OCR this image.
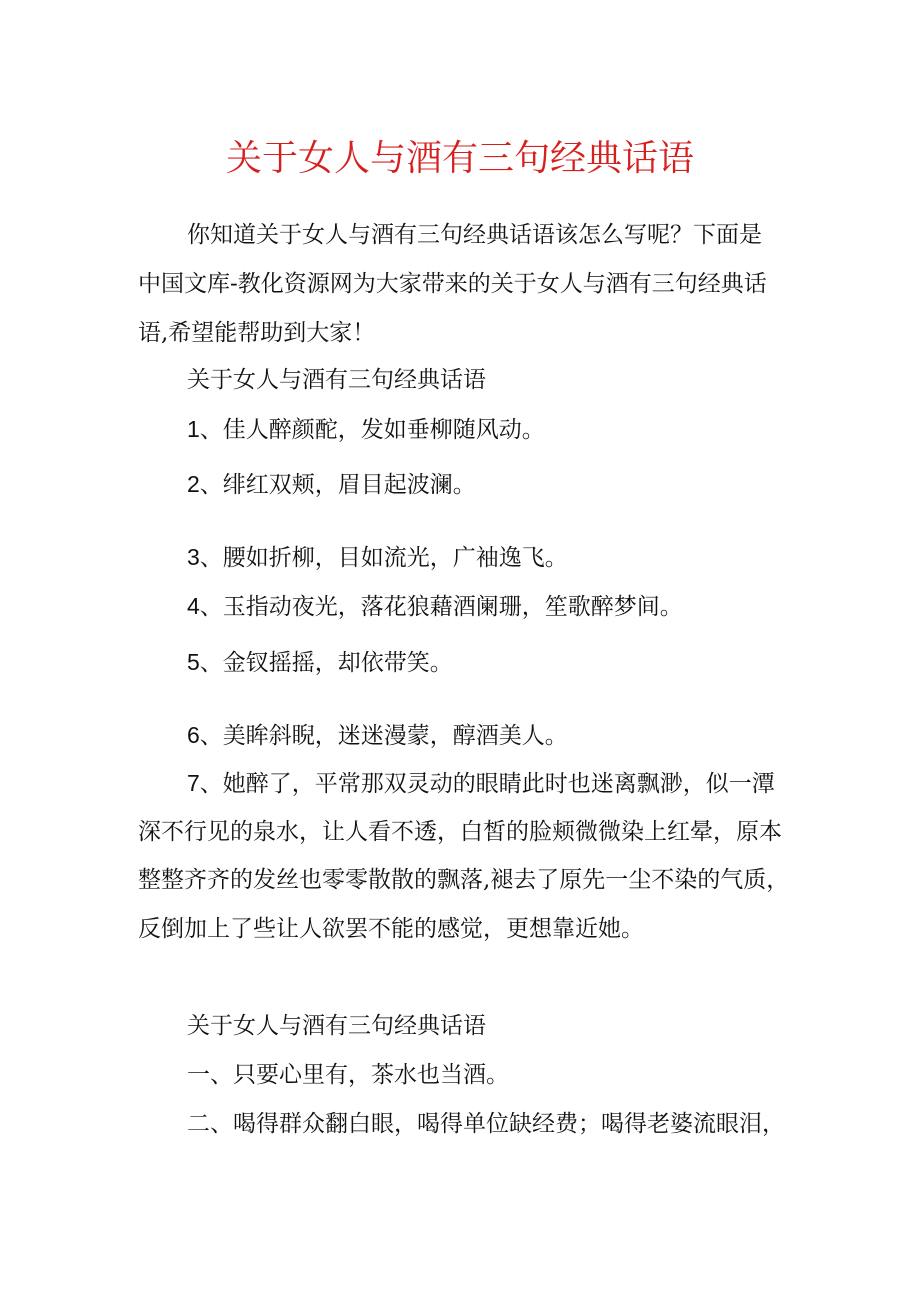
关于女人与酒有三句经典话语
你知道关于女人与酒有三句经典话语该怎么写呢？下面是
中国文库-教化资源网为大家带来的关于女人与酒有三句经典话
语,希望能帮助到大家！
关于女人与酒有三句经典话语
1、佳人醉颜酡，发如垂柳随风动。
2、绯红双颊，眉目起波澜。
3、腰如折柳，目如流光，广袖逸飞。
4、玉指动夜光，落花狼藉酒阑珊，笙歌醉梦间。
5、金钗摇摇，却依带笑。
6、美眸斜睨，迷迷漫蒙，醇酒美人。
7、她醉了，平常那双灵动的眼睛此时也迷离飘渺，似一潭
深不行见的泉水，让人看不透，白皙的脸颊微微染上红晕，原本
整整齐齐的发丝也零零散散的飘落,褪去了原先一尘不染的气质，
反倒加上了些让人欲罢不能的感觉，更想靠近她。
关于女人与酒有三句经典话语
一、只要心里有，茶水也当酒。
二、喝得群众翻白眼，喝得单位缺经费；喝得老婆流眼泪，
